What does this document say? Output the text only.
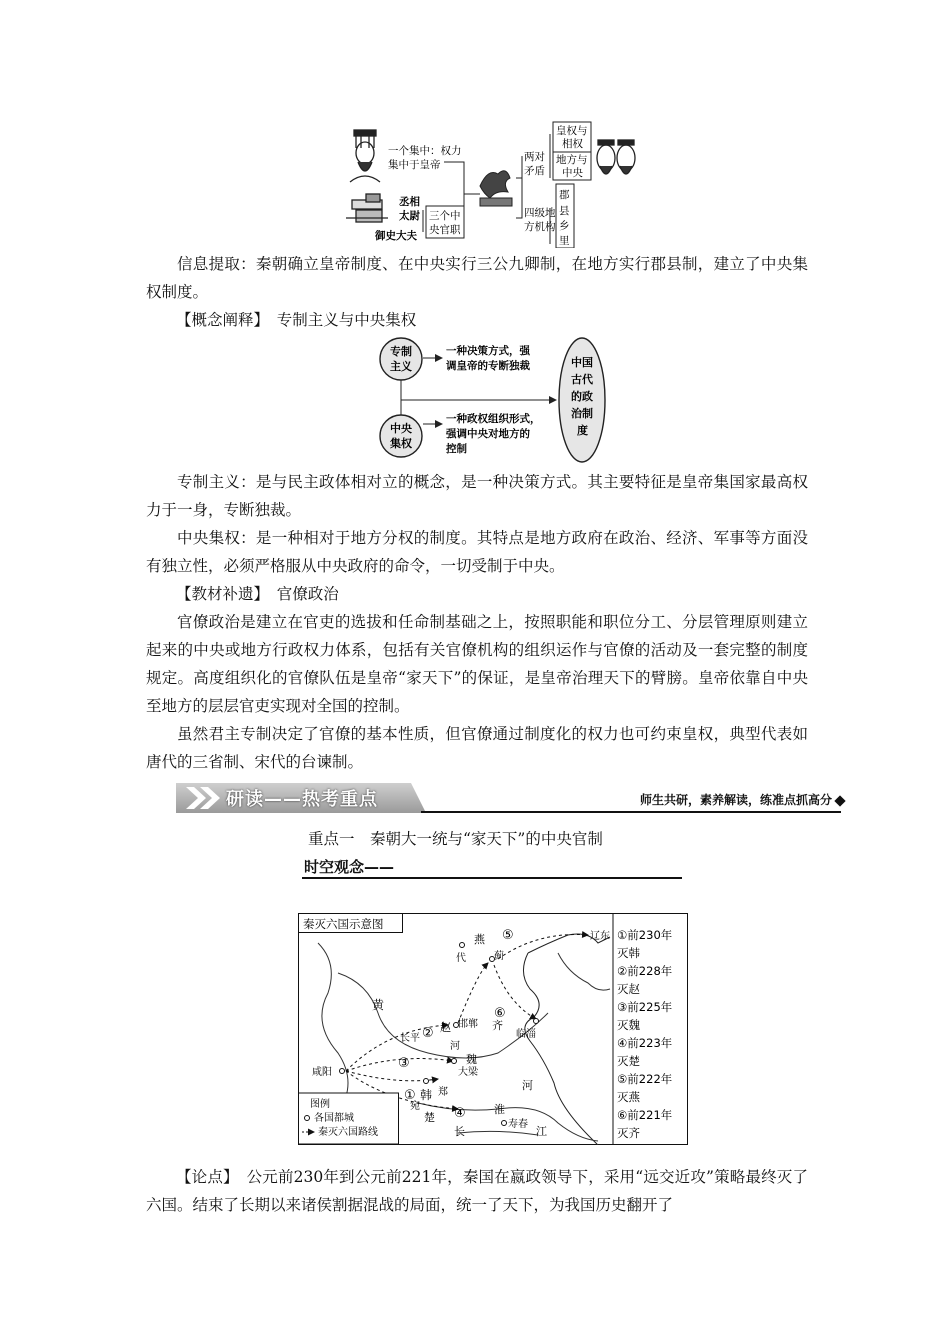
一个集中：权力
集中于皇帝
丞相
太尉
御史大夫
三个中
央官职
两对
矛盾
四级地
方机构
皇权与
相权
地方与
中央
郡
县
乡
里

信息提取：秦朝确立皇帝制度、在中央实行三公九卿制，在地方实行郡县制，建立了中央集权制度。

【概念阐释】　 专制主义与中央集权
专制
主义
一种决策方式，强
调皇帝的专断独裁
中央
集权
一种政权组织形式，
强调中央对地方的
控制
中国
古代
的政
治制
度

专制主义：是与民主政体相对立的概念，是一种决策方式。其主要特征是皇帝集国家最高权力于一身，专断独裁。

中央集权：是一种相对于地方分权的制度。其特点是地方政府在政治、经济、军事等方面没有独立性，必须严格服从中央政府的命令，一切受制于中央。

【教材补遗】　 官僚政治

官僚政治是建立在官吏的选拔和任命制基础之上，按照职能和职位分工、分层管理原则建立起来的中央或地方行政权力体系，包括有关官僚机构的组织运作与官僚的活动及一套完整的制度规定。高度组织化的官僚队伍是皇帝“家天下”的保证，是皇帝治理天下的臂膀。皇帝依靠自中央至地方的层层官吏实现对全国的控制。

虽然君主专制决定了官僚的基本性质，但官僚通过制度化的权力也可约束皇权，典型代表如唐代的三省制、宋代的台谏制。

研读——热考重点	师生共研，素养解读，练准点抓高分
重点一　秦朝大一统与“家天下”的中央官制
时空观念——
秦灭六国示意图
燕
蓟
代
辽东
黄
赵 邯郸
长平
齐
临淄
河
魏
大梁
咸阳
韩 郑
河
宛
楚
淮
寿春
长	江
①
②
③
④
⑤
⑥
图例
各国都城
秦灭六国路线
①前230年
灭韩
②前228年
灭赵
③前225年
灭魏
④前223年
灭楚
⑤前222年
灭燕
⑥前221年
灭齐

【论点】　 公元前230年到公元前221年，秦国在嬴政领导下，采用“远交近攻”策略最终灭了六国。结束了长期以来诸侯割据混战的局面，统一了天下，为我国历史翻开了
